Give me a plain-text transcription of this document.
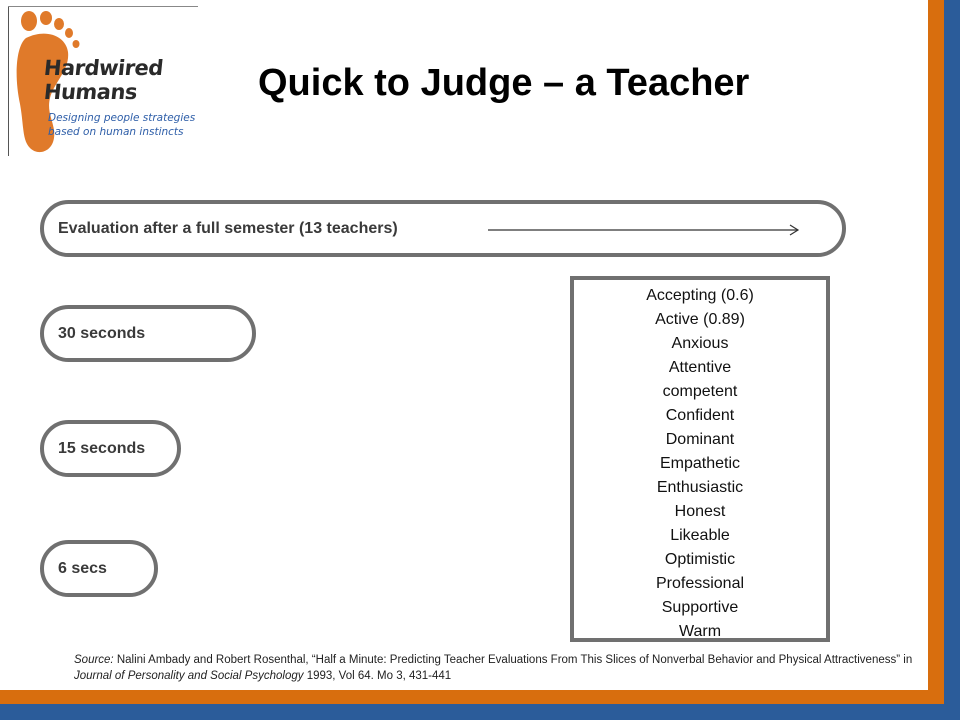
Hardwired
Humans
Designing people strategies
based on human instincts
Quick to Judge – a Teacher
Evaluation after a full semester (13 teachers)
30 seconds
15 seconds
6 secs
Accepting (0.6)
Active (0.89)
Anxious
Attentive
competent
Confident
Dominant
Empathetic
Enthusiastic
Honest
Likeable
Optimistic
Professional
Supportive
Warm
Source: Nalini Ambady and Robert Rosenthal, “Half a Minute: Predicting Teacher Evaluations From This Slices of Nonverbal Behavior and Physical Attractiveness” in Journal of Personality and Social Psychology 1993, Vol 64. Mo 3, 431-441
